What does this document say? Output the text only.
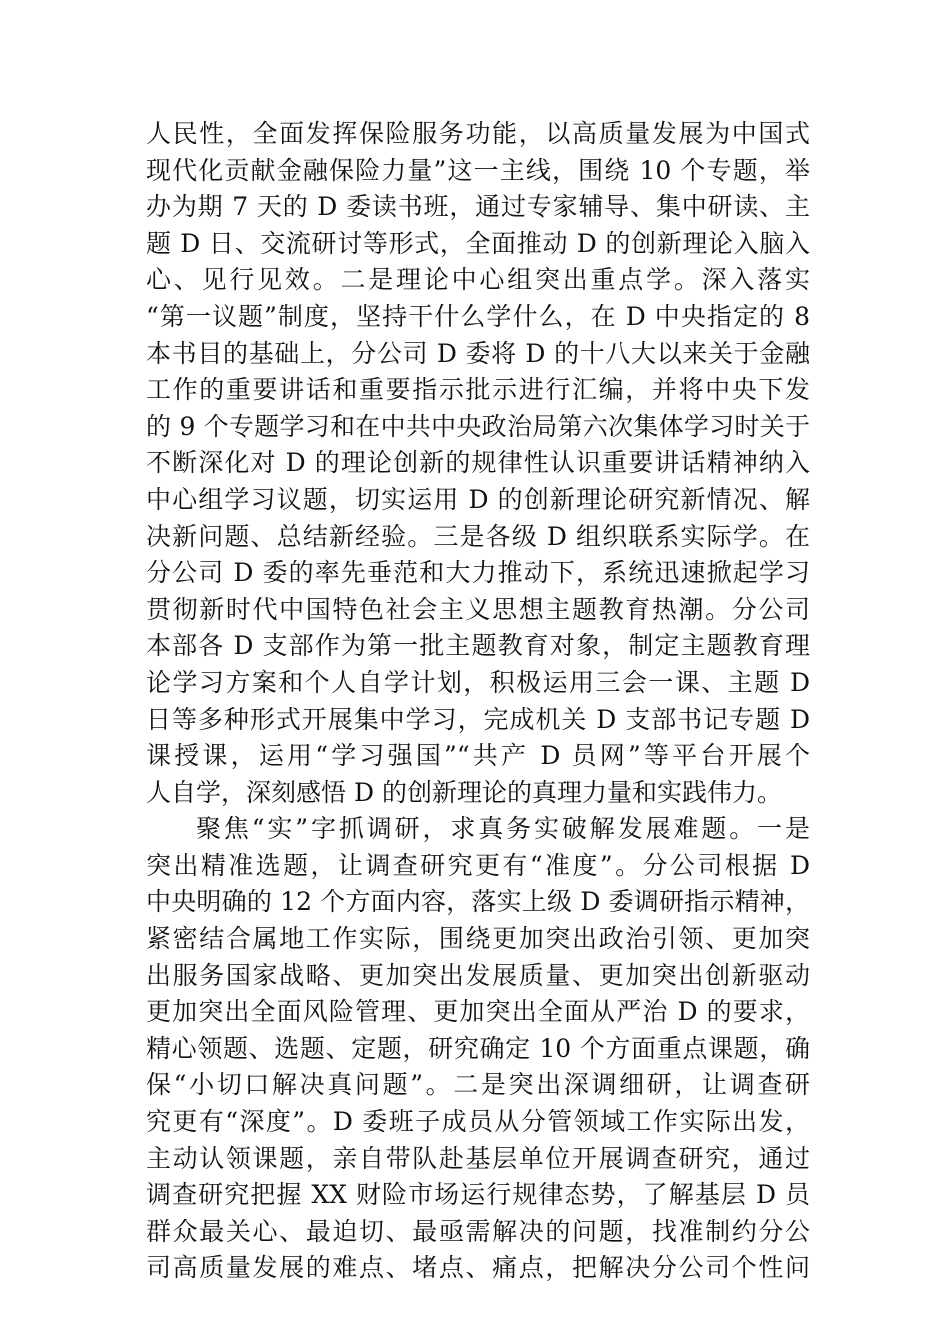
人民性，全面发挥保险服务功能，以高质量发展为中国式
现代化贡献金融保险力量”这一主线，围绕 10 个专题，举
办为期 7 天的 D 委读书班，通过专家辅导、集中研读、主
题 D 日、交流研讨等形式，全面推动 D 的创新理论入脑入
心、见行见效。二是理论中心组突出重点学。深入落实
“第一议题”制度，坚持干什么学什么，在 D 中央指定的 8
本书目的基础上，分公司 D 委将 D 的十八大以来关于金融
工作的重要讲话和重要指示批示进行汇编，并将中央下发
的 9 个专题学习和在中共中央政治局第六次集体学习时关于
不断深化对 D 的理论创新的规律性认识重要讲话精神纳入
中心组学习议题，切实运用 D 的创新理论研究新情况、解
决新问题、总结新经验。三是各级 D 组织联系实际学。在
分公司 D 委的率先垂范和大力推动下，系统迅速掀起学习
贯彻新时代中国特色社会主义思想主题教育热潮。分公司
本部各 D 支部作为第一批主题教育对象，制定主题教育理
论学习方案和个人自学计划，积极运用三会一课、主题 D
日等多种形式开展集中学习，完成机关 D 支部书记专题 D
课授课，运用“学习强国”“共产 D 员网”等平台开展个
人自学，深刻感悟 D 的创新理论的真理力量和实践伟力。
聚焦“实”字抓调研，求真务实破解发展难题。一是
突出精准选题，让调查研究更有“准度”。分公司根据 D
中央明确的 12 个方面内容，落实上级 D 委调研指示精神，
紧密结合属地工作实际，围绕更加突出政治引领、更加突
出服务国家战略、更加突出发展质量、更加突出创新驱动
更加突出全面风险管理、更加突出全面从严治 D 的要求，
精心领题、选题、定题，研究确定 10 个方面重点课题，确
保“小切口解决真问题”。二是突出深调细研，让调查研
究更有“深度”。D 委班子成员从分管领域工作实际出发，
主动认领课题，亲自带队赴基层单位开展调查研究，通过
调查研究把握 XX 财险市场运行规律态势，了解基层 D 员
群众最关心、最迫切、最亟需解决的问题，找准制约分公
司高质量发展的难点、堵点、痛点，把解决分公司个性问
